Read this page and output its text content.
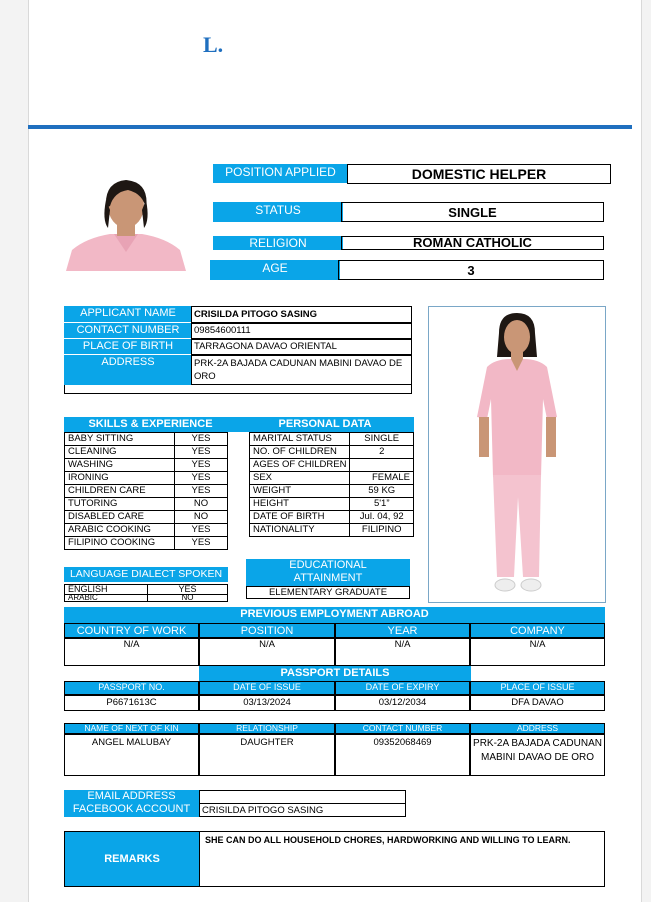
L.
POSITION APPLIED	DOMESTIC HELPER
STATUS	SINGLE
RELIGION	ROMAN CATHOLIC
AGE	3
APPLICANT NAME	CRISILDA PITOGO SASING
CONTACT NUMBER	09854600111
PLACE OF BIRTH	TARRAGONA DAVAO ORIENTAL
ADDRESS	PRK-2A BAJADA CADUNAN MABINI DAVAO DE ORO
SKILLS & EXPERIENCE	PERSONAL DATA
BABY SITTING	YES
CLEANING	YES
WASHING	YES
IRONING	YES
CHILDREN CARE	YES
TUTORING	NO
DISABLED CARE	NO
ARABIC COOKING	YES
FILIPINO COOKING	YES
MARITAL STATUS	SINGLE
NO. OF CHILDREN	2
AGES OF CHILDREN	
SEX	FEMALE
WEIGHT	59 KG
HEIGHT	5'1”
DATE OF BIRTH	Jul. 04, 92
NATIONALITY	FILIPINO
LANGUAGE DIALECT SPOKEN
ENGLISH	YES
ARABIC	NO
EDUCATIONAL ATTAINMENT
ELEMENTARY GRADUATE
PREVIOUS EMPLOYMENT ABROAD
COUNTRY OF WORK	POSITION	YEAR	COMPANY
N/A	N/A	N/A	N/A
PASSPORT DETAILS
PASSPORT NO.	DATE OF ISSUE	DATE OF EXPIRY	PLACE OF ISSUE
P6671613C	03/13/2024	03/12/2034	DFA DAVAO
NAME OF NEXT OF KIN	RELATIONSHIP	CONTACT NUMBER	ADDRESS
ANGEL MALUBAY	DAUGHTER	09352068469	PRK-2A BAJADA CADUNAN MABINI DAVAO DE ORO
EMAIL ADDRESS
FACEBOOK ACCOUNT	CRISILDA PITOGO SASING
REMARKS
SHE CAN DO ALL HOUSEHOLD CHORES, HARDWORKING AND WILLING TO LEARN.
